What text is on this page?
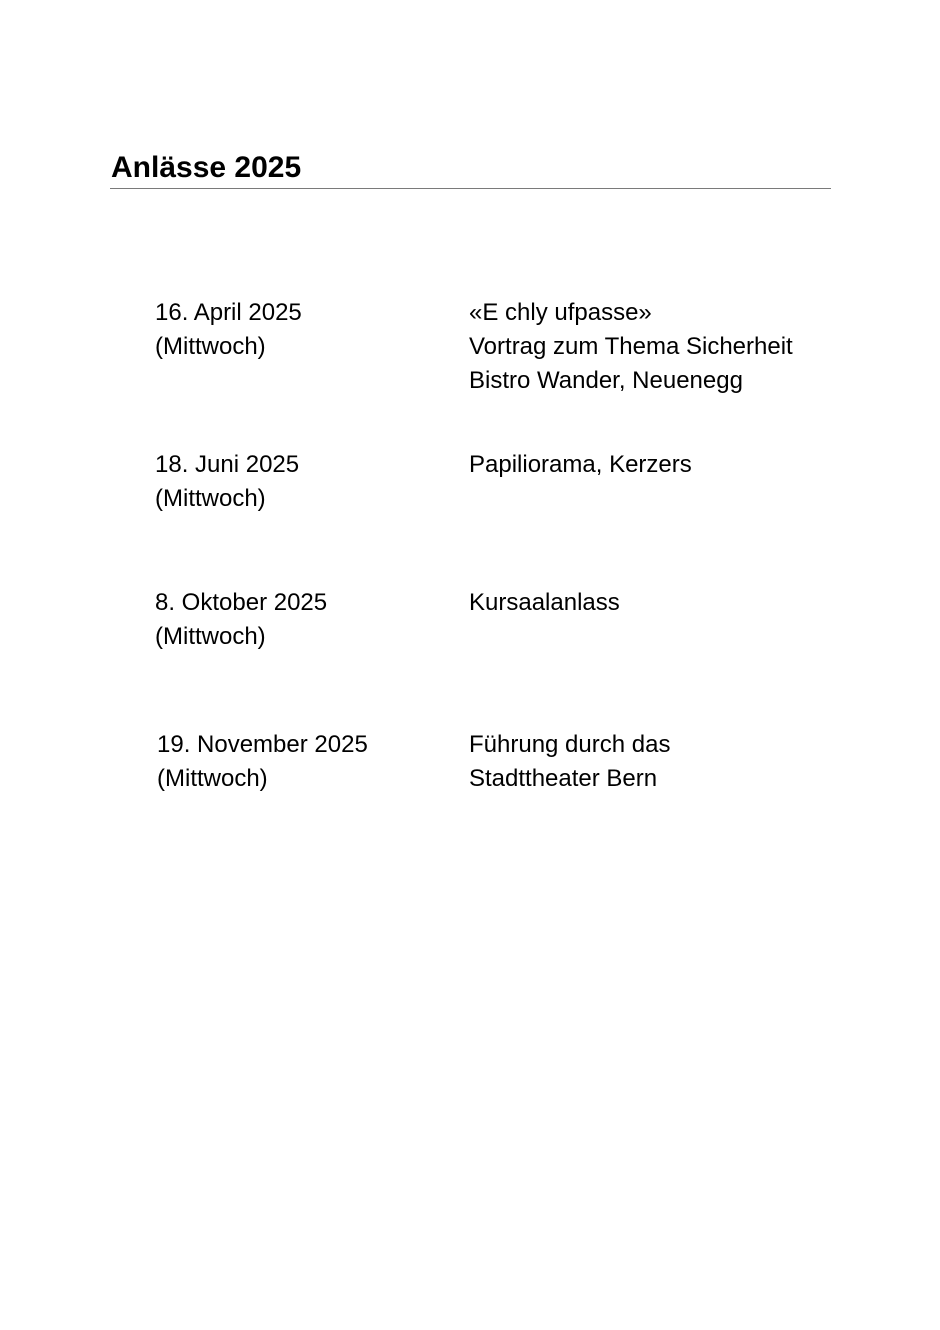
Anlässe 2025
16. April 2025
(Mittwoch)
«E chly ufpasse»
Vortrag zum Thema Sicherheit
Bistro Wander, Neuenegg
18. Juni 2025
(Mittwoch)
Papiliorama, Kerzers
8. Oktober 2025
(Mittwoch)
Kursaalanlass
19. November 2025
(Mittwoch)
Führung durch das
Stadttheater Bern
